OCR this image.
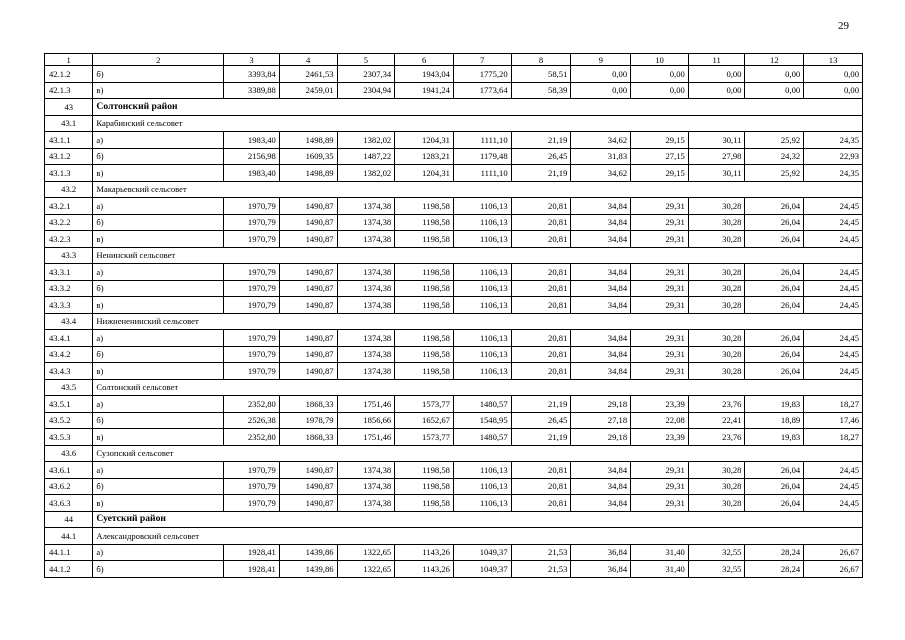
29
1	2	3	4	5	6	7	8	9	10	11	12	13
42.1.2	б)	3393,84	2461,53	2307,34	1943,04	1775,20	58,51	0,00	0,00	0,00	0,00	0,00
42.1.3	в)	3389,88	2459,01	2304,94	1941,24	1773,64	58,39	0,00	0,00	0,00	0,00	0,00
43	Солтонский район											
43.1	Карабинский сельсовет											
43.1.1	а)	1983,40	1498,89	1382,02	1204,31	1111,10	21,19	34,62	29,15	30,11	25,92	24,35
43.1.2	б)	2156,98	1609,35	1487,22	1283,21	1179,48	26,45	31,83	27,15	27,98	24,32	22,93
43.1.3	в)	1983,40	1498,89	1382,02	1204,31	1111,10	21,19	34,62	29,15	30,11	25,92	24,35
43.2	Макарьевский сельсовет											
43.2.1	а)	1970,79	1490,87	1374,38	1198,58	1106,13	20,81	34,84	29,31	30,28	26,04	24,45
43.2.2	б)	1970,79	1490,87	1374,38	1198,58	1106,13	20,81	34,84	29,31	30,28	26,04	24,45
43.2.3	в)	1970,79	1490,87	1374,38	1198,58	1106,13	20,81	34,84	29,31	30,28	26,04	24,45
43.3	Ненинский сельсовет											
43.3.1	а)	1970,79	1490,87	1374,38	1198,58	1106,13	20,81	34,84	29,31	30,28	26,04	24,45
43.3.2	б)	1970,79	1490,87	1374,38	1198,58	1106,13	20,81	34,84	29,31	30,28	26,04	24,45
43.3.3	в)	1970,79	1490,87	1374,38	1198,58	1106,13	20,81	34,84	29,31	30,28	26,04	24,45
43.4	Нижнененинский сельсовет											
43.4.1	а)	1970,79	1490,87	1374,38	1198,58	1106,13	20,81	34,84	29,31	30,28	26,04	24,45
43.4.2	б)	1970,79	1490,87	1374,38	1198,58	1106,13	20,81	34,84	29,31	30,28	26,04	24,45
43.4.3	в)	1970,79	1490,87	1374,38	1198,58	1106,13	20,81	34,84	29,31	30,28	26,04	24,45
43.5	Солтонский сельсовет											
43.5.1	а)	2352,80	1868,33	1751,46	1573,77	1480,57	21,19	29,18	23,39	23,76	19,83	18,27
43.5.2	б)	2526,38	1978,79	1856,66	1652,67	1548,95	26,45	27,18	22,08	22,41	18,89	17,46
43.5.3	в)	2352,80	1868,33	1751,46	1573,77	1480,57	21,19	29,18	23,39	23,76	19,83	18,27
43.6	Сузопский сельсовет											
43.6.1	а)	1970,79	1490,87	1374,38	1198,58	1106,13	20,81	34,84	29,31	30,28	26,04	24,45
43.6.2	б)	1970,79	1490,87	1374,38	1198,58	1106,13	20,81	34,84	29,31	30,28	26,04	24,45
43.6.3	в)	1970,79	1490,87	1374,38	1198,58	1106,13	20,81	34,84	29,31	30,28	26,04	24,45
44	Суетский район											
44.1	Александровский сельсовет											
44.1.1	а)	1928,41	1439,86	1322,65	1143,26	1049,37	21,53	36,84	31,40	32,55	28,24	26,67
44.1.2	б)	1928,41	1439,86	1322,65	1143,26	1049,37	21,53	36,84	31,40	32,55	28,24	26,67
